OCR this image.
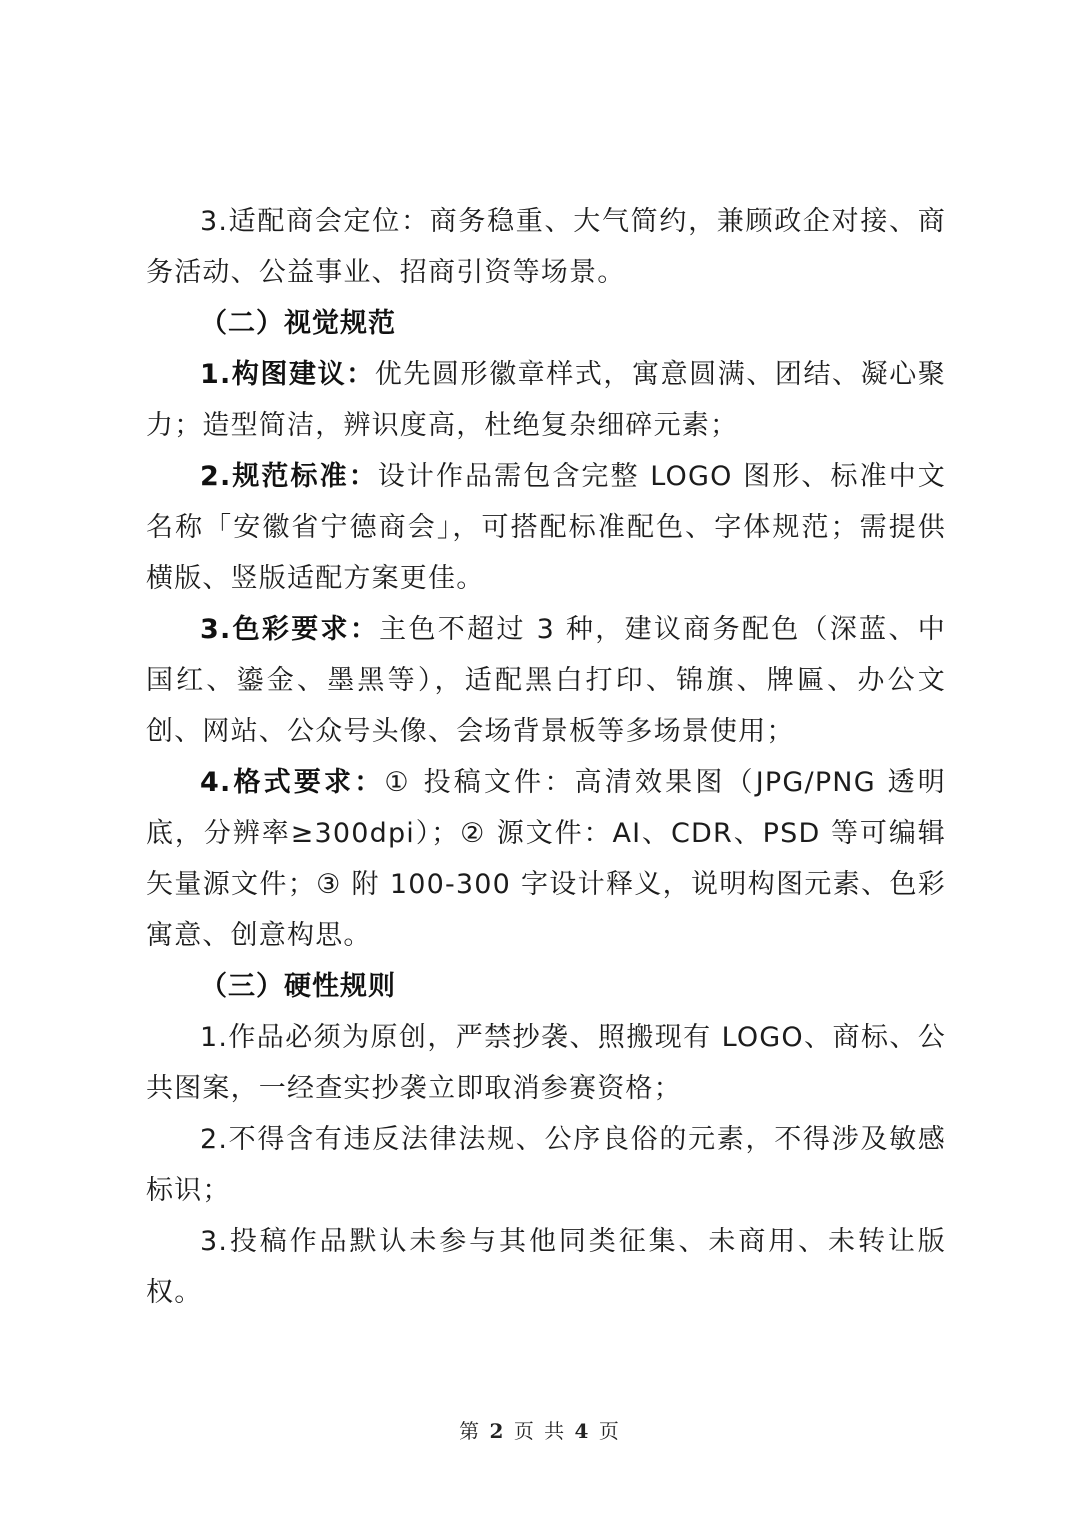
3.适配商会定位：商务稳重、大气简约，兼顾政企对接、商务活动、公益事业、招商引资等场景。

（二）视觉规范

1.构图建议：优先圆形徽章样式，寓意圆满、团结、凝心聚力；造型简洁，辨识度高，杜绝复杂细碎元素；

2.规范标准：设计作品需包含完整 LOGO 图形、标准中文名称「安徽省宁德商会」，可搭配标准配色、字体规范；需提供横版、竖版适配方案更佳。

3.色彩要求：主色不超过 3 种，建议商务配色（深蓝、中国红、鎏金、墨黑等），适配黑白打印、锦旗、牌匾、办公文创、网站、公众号头像、会场背景板等多场景使用；

4.格式要求：① 投稿文件：高清效果图（JPG/PNG 透明底，分辨率≥300dpi）；② 源文件：AI、CDR、PSD 等可编辑矢量源文件；③ 附 100-300 字设计释义，说明构图元素、色彩寓意、创意构思。

（三）硬性规则

1.作品必须为原创，严禁抄袭、照搬现有 LOGO、商标、公共图案，一经查实抄袭立即取消参赛资格；

2.不得含有违反法律法规、公序良俗的元素，不得涉及敏感标识；

3.投稿作品默认未参与其他同类征集、未商用、未转让版权。

第 2 页 共 4 页
